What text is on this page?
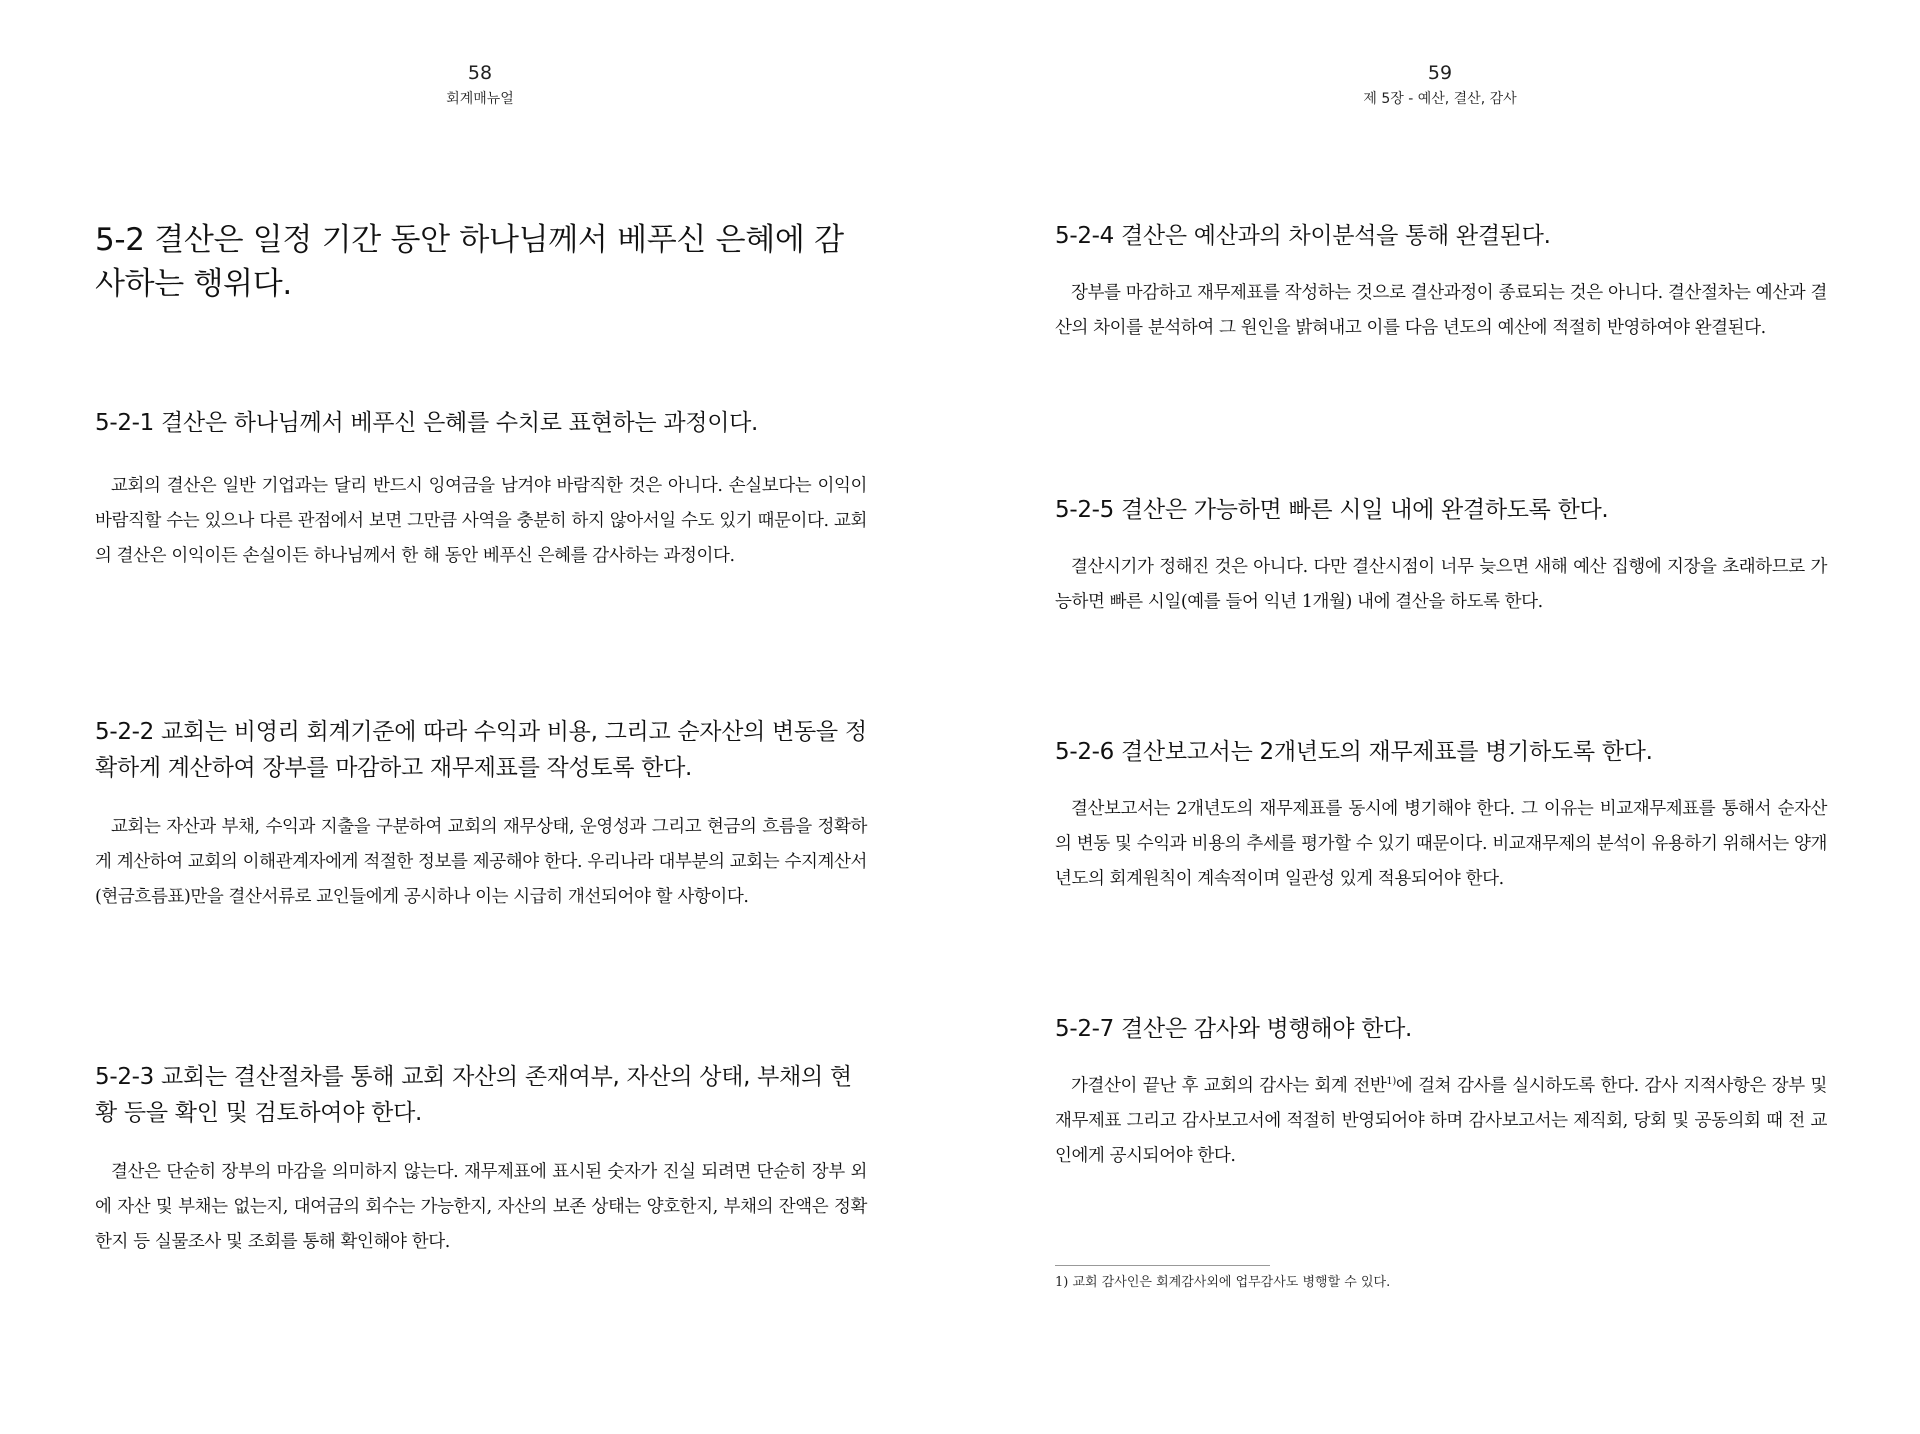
58
회계매뉴얼
5-2 결산은 일정 기간 동안 하나님께서 베푸신 은혜에 감사하는 행위다.
5-2-1 결산은 하나님께서 베푸신 은혜를 수치로 표현하는 과정이다.

교회의 결산은 일반 기업과는 달리 반드시 잉여금을 남겨야 바람직한 것은 아니다. 손실보다는 이익이 바람직할 수는 있으나 다른 관점에서 보면 그만큼 사역을 충분히 하지 않아서일 수도 있기 때문이다. 교회의 결산은 이익이든 손실이든 하나님께서 한 해 동안 베푸신 은혜를 감사하는 과정이다.

5-2-2 교회는 비영리 회계기준에 따라 수익과 비용, 그리고 순자산의 변동을 정확하게 계산하여 장부를 마감하고 재무제표를 작성토록 한다.

교회는 자산과 부채, 수익과 지출을 구분하여 교회의 재무상태, 운영성과 그리고 현금의 흐름을 정확하게 계산하여 교회의 이해관계자에게 적절한 정보를 제공해야 한다. 우리나라 대부분의 교회는 수지계산서(현금흐름표)만을 결산서류로 교인들에게 공시하나 이는 시급히 개선되어야 할 사항이다.

5-2-3 교회는 결산절차를 통해 교회 자산의 존재여부, 자산의 상태, 부채의 현황 등을 확인 및 검토하여야 한다.

결산은 단순히 장부의 마감을 의미하지 않는다. 재무제표에 표시된 숫자가 진실 되려면 단순히 장부 외에 자산 및 부채는 없는지, 대여금의 회수는 가능한지, 자산의 보존 상태는 양호한지, 부채의 잔액은 정확한지 등 실물조사 및 조회를 통해 확인해야 한다.

59
제 5장 - 예산, 결산, 감사
5-2-4 결산은 예산과의 차이분석을 통해 완결된다.

장부를 마감하고 재무제표를 작성하는 것으로 결산과정이 종료되는 것은 아니다. 결산절차는 예산과 결산의 차이를 분석하여 그 원인을 밝혀내고 이를 다음 년도의 예산에 적절히 반영하여야 완결된다.

5-2-5 결산은 가능하면 빠른 시일 내에 완결하도록 한다.

결산시기가 정해진 것은 아니다. 다만 결산시점이 너무 늦으면 새해 예산 집행에 지장을 초래하므로 가능하면 빠른 시일(예를 들어 익년 1개월) 내에 결산을 하도록 한다.

5-2-6 결산보고서는 2개년도의 재무제표를 병기하도록 한다.

결산보고서는 2개년도의 재무제표를 동시에 병기해야 한다. 그 이유는 비교재무제표를 통해서 순자산의 변동 및 수익과 비용의 추세를 평가할 수 있기 때문이다. 비교재무제의 분석이 유용하기 위해서는 양개년도의 회계원칙이 계속적이며 일관성 있게 적용되어야 한다.

5-2-7 결산은 감사와 병행해야 한다.

가결산이 끝난 후 교회의 감사는 회계 전반$^{1)}$에 걸쳐 감사를 실시하도록 한다. 감사 지적사항은 장부 및 재무제표 그리고 감사보고서에 적절히 반영되어야 하며 감사보고서는 제직회, 당회 및 공동의회 때 전 교인에게 공시되어야 한다.

1) 교회 감사인은 회계감사외에 업무감사도 병행할 수 있다.
